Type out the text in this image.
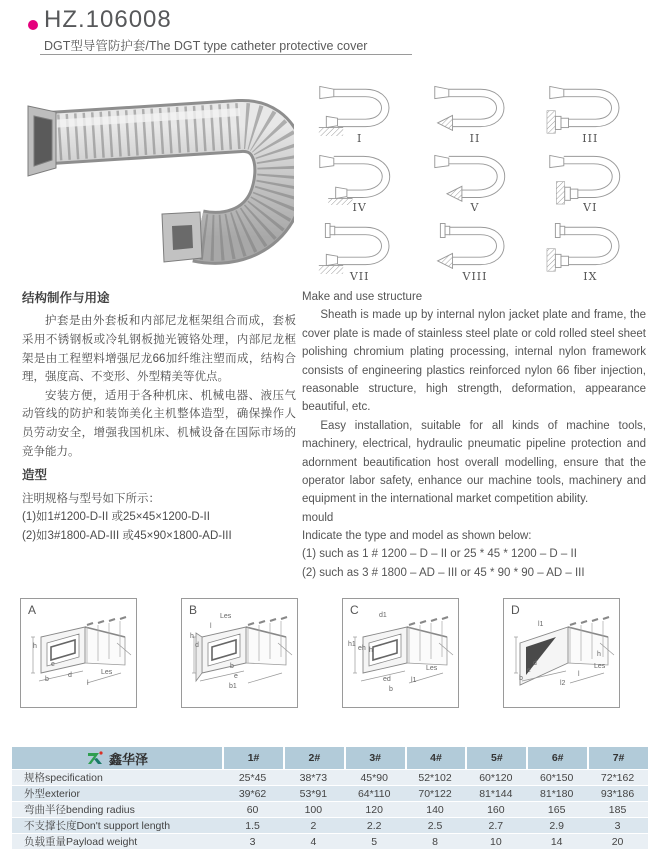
HZ.106008
DGT型导管防护套/The DGT type catheter protective cover
I	II	III
IV	V	VI
VII	VIII	IX
结构制作与用途

护套是由外套板和内部尼龙框架组合而成，套板采用不锈钢板或冷轧钢板抛光镀铬处理，内部尼龙框架是由工程塑料增强尼龙66加纤维注塑而成，结构合理，强度高、不变形、外型精美等优点。

安装方便，适用于各种机床、机械电器、液压气动管线的防护和装饰美化主机整体造型，确保操作人员劳动安全，增强我国机床、机械设备在国际市场的竞争能力。

造型

注明规格与型号如下所示：

(1)如1#1200-D-II 或25×45×1200-D-II

(2)如3#1800-AD-III 或45×90×1800-AD-III

Make and use structure

Sheath is made up by internal nylon jacket plate and frame, the cover plate is made of stainless steel plate or cold rolled steel sheet polishing chromium plating processing, internal nylon framework consists of engineering plastics reinforced nylon 66 fiber injection, reasonable structure, high strength, deformation, appearance beautiful, etc.

Easy installation, suitable for all kinds of machine tools, machinery, electrical, hydraulic pneumatic pipeline protection and adornment beautification host overall modelling, ensure that the operator labor safety, enhance our machine tools, machinery and equipment in the international market competition ability.

mould

Indicate the type and model as shown below:

(1) such as 1 # 1200 – D – II or 25 * 45 * 1200 – D – II

(2) such as 3 # 1800 – AD – III or 45 * 90 * 90 – AD – III

A
h
e
b
d
l
Les
B	Les
l
h
d
b
e
b1
C	d1
h1
eh h
ed
b
l1
Les
D
l1
d
e
b
l2
l
h
Les
鑫华泽	1#	2#	3#	4#	5#	6#	7#
规格specification	25*45	38*73	45*90	52*102	60*120	60*150	72*162
外型exterior	39*62	53*91	64*110	70*122	81*144	81*180	93*186
弯曲半径bending radius	60	100	120	140	160	165	185
不支撑长度Don't support length	1.5	2	2.2	2.5	2.7	2.9	3
负载重量Payload weight	3	4	5	8	10	14	20
